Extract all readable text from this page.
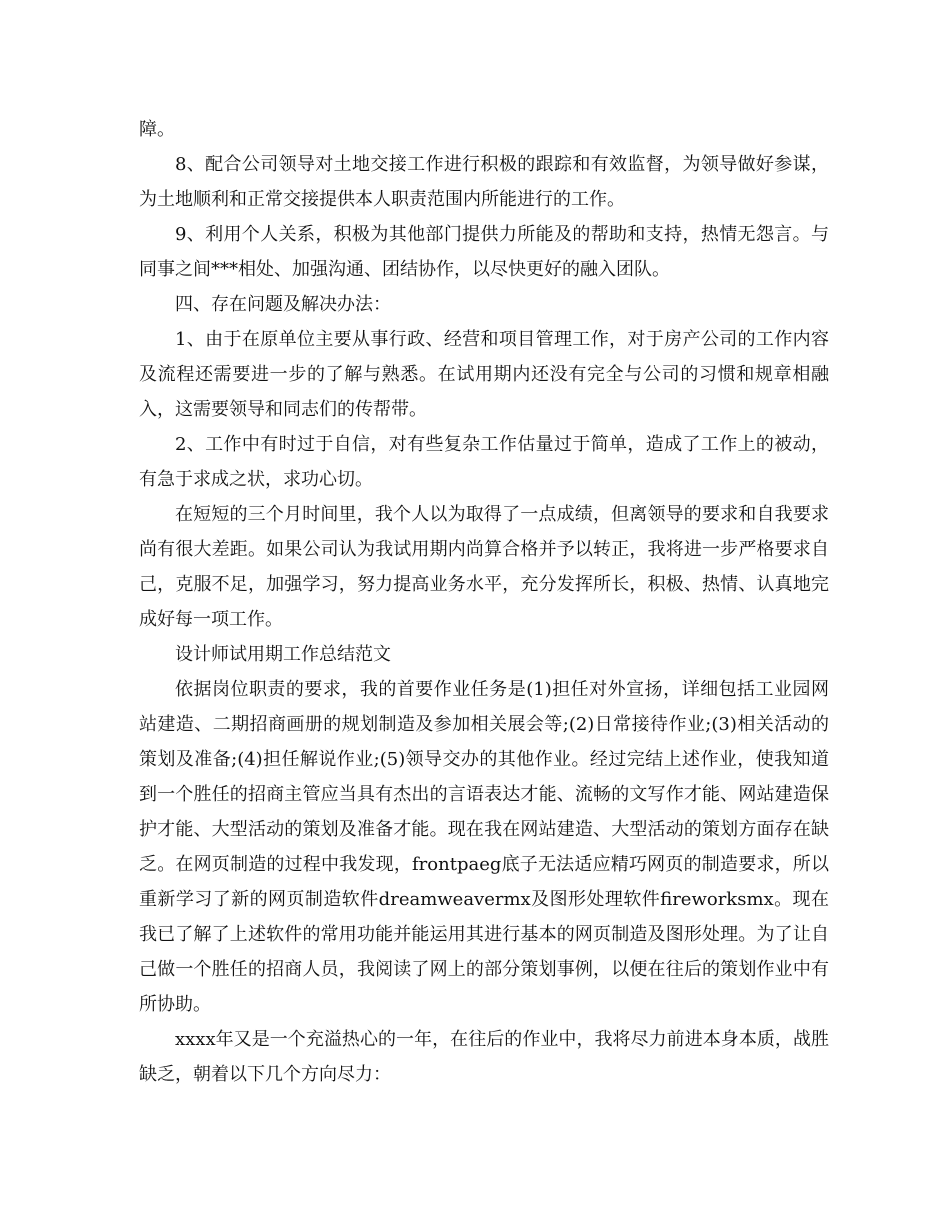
障。

8、配合公司领导对土地交接工作进行积极的跟踪和有效监督，为领导做好参谋，为土地顺利和正常交接提供本人职责范围内所能进行的工作。

9、利用个人关系，积极为其他部门提供力所能及的帮助和支持，热情无怨言。与同事之间***相处、加强沟通、团结协作，以尽快更好的融入团队。

四、存在问题及解决办法：

1、由于在原单位主要从事行政、经营和项目管理工作，对于房产公司的工作内容及流程还需要进一步的了解与熟悉。在试用期内还没有完全与公司的习惯和规章相融入，这需要领导和同志们的传帮带。

2、工作中有时过于自信，对有些复杂工作估量过于简单，造成了工作上的被动，有急于求成之状，求功心切。

在短短的三个月时间里，我个人以为取得了一点成绩，但离领导的要求和自我要求尚有很大差距。如果公司认为我试用期内尚算合格并予以转正，我将进一步严格要求自己，克服不足，加强学习，努力提高业务水平，充分发挥所长，积极、热情、认真地完成好每一项工作。

设计师试用期工作总结范文

依据岗位职责的要求，我的首要作业任务是(1)担任对外宣扬，详细包括工业园网站建造、二期招商画册的规划制造及参加相关展会等;(2)日常接待作业;(3)相关活动的策划及准备;(4)担任解说作业;(5)领导交办的其他作业。经过完结上述作业，使我知道到一个胜任的招商主管应当具有杰出的言语表达才能、流畅的文写作才能、网站建造保护才能、大型活动的策划及准备才能。现在我在网站建造、大型活动的策划方面存在缺乏。在网页制造的过程中我发现，frontpaeg底子无法适应精巧网页的制造要求，所以重新学习了新的网页制造软件dreamweavermx及图形处理软件fireworksmx。现在我已了解了上述软件的常用功能并能运用其进行基本的网页制造及图形处理。为了让自己做一个胜任的招商人员，我阅读了网上的部分策划事例，以便在往后的策划作业中有所协助。

xxxx年又是一个充溢热心的一年，在往后的作业中，我将尽力前进本身本质，战胜缺乏，朝着以下几个方向尽力：
